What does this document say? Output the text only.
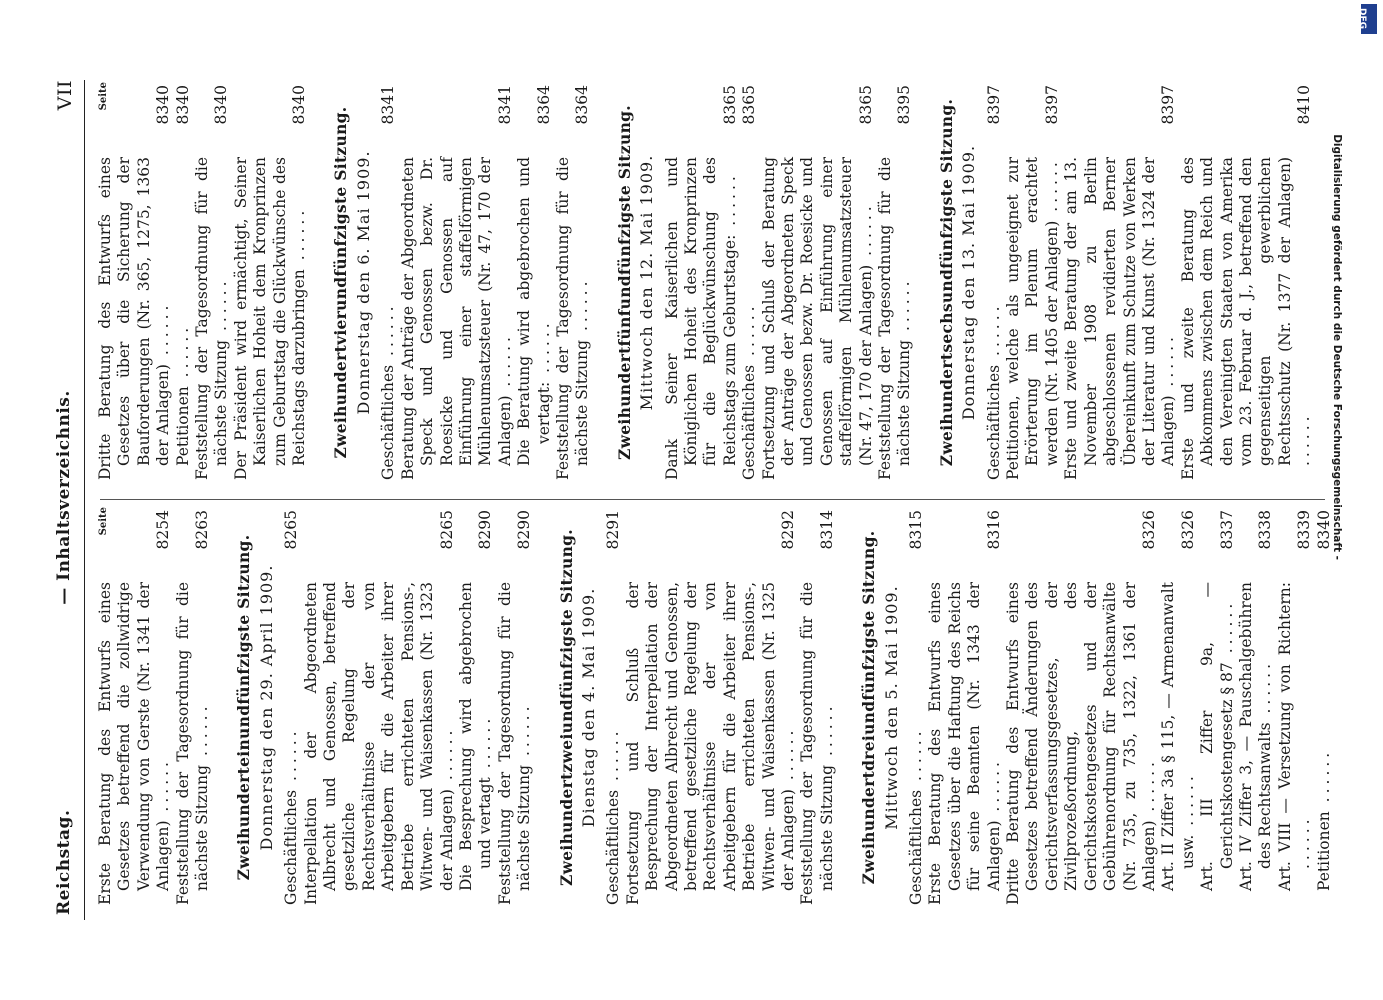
Reichstag.
— Inhaltsverzeichnis.
VII
Seite
Erste Beratung des Entwurfs eines Gesetzes betreffend die zollwidrige Verwendung von Gerste (Nr. 1341 der Anlagen) ......
8254
Feststellung der Tagesordnung für die nächste Sitzung ......
8263
Zweihunderteinundfünfzigste Sitzung. Donnerstag den 29. April 1909. Geschäftliches ......
8265
Interpellation der Abgeordneten Albrecht und Genossen, betreffend gesetzliche Regelung der Rechtsverhältnisse der von Arbeitgebern für die Arbeiter ihrer Betriebe errichteten Pensions-, Witwen- und Waisenkassen (Nr. 1323 der Anlagen) ......
8265
Die Besprechung wird abgebrochen und vertagt ......
8290
Feststellung der Tagesordnung für die nächste Sitzung ......
8290 Zweihundertzweiundfünfzigste Sitzung. Dienstag den 4. Mai 1909.
Geschäftliches ......
8291
Fortsetzung und Schluß der Besprechung der Interpellation der Abgeordneten Albrecht und Genossen, betreffend gesetzliche Regelung der Rechtsverhältnisse der von Arbeitgebern für die Arbeiter ihrer Betriebe errichteten Pensions-, Witwen- und Waisenkassen (Nr. 1325 der Anlagen) ......
8292
Feststellung der Tagesordnung für die nächste Sitzung ......
8314
Zweihundertdreiundfünfzigste Sitzung. Mittwoch den 5. Mai 1909.
Geschäftliches ......
8315
Erste Beratung des Entwurfs eines Gesetzes über die Haftung des Reichs für seine Beamten (Nr. 1343 der Anlagen) ......
8316
Dritte Beratung des Entwurfs eines Gesetzes betreffend Änderungen des Gerichtsverfassungsgesetzes, der Zivilprozeßordnung, des Gerichtskostengesetzes und der Gebührenordnung für Rechtsanwälte (Nr. 735, zu 735, 1322, 1361 der Anlagen) ......
8326
Art. II Ziffer 3a § 115, — Armenanwalt usw. ......
8326
Art. III Ziffer 9a, — Gerichtskostengesetz § 87 ......
8337
Art. IV Ziffer 3, — Pauschalgebühren des Rechtsanwalts ......
8338
Art. VIII — Versetzung von Richtern: ......
8339
Petitionen ......
8340
Seite
Dritte Beratung des Entwurfs eines Gesetzes über die Sicherung der Bauforderungen (Nr. 365, 1275, 1363 der Anlagen) ......
8340
Petitionen ......
8340
Feststellung der Tagesordnung für die nächste Sitzung ......
8340
Der Präsident wird ermächtigt, Seiner Kaiserlichen Hoheit dem Kronprinzen zum Geburtstag die Glückwünsche des Reichstags darzubringen ......
8340
Zweihundertvierundfünfzigste Sitzung. Donnerstag den 6. Mai 1909.
Geschäftliches ......
8341
Beratung der Anträge der Abgeordneten Speck und Genossen bezw. Dr. Roesicke und Genossen auf Einführung einer staffelförmigen Mühlenumsatzsteuer (Nr. 47, 170 der Anlagen) ......
8341
Die Beratung wird abgebrochen und vertagt: ......
8364
Feststellung der Tagesordnung für die nächste Sitzung ......
8364
Zweihundertfünfundfünfzigste Sitzung. Mittwoch den 12. Mai 1909. Dank Seiner Kaiserlichen und Königlichen Hoheit des Kronprinzen für die Beglückwünschung des Reichstags zum Geburtstage: ......
8365
Geschäftliches ......
8365
Fortsetzung und Schluß der Beratung der Anträge der Abgeordneten Speck und Genossen bezw. Dr. Roesicke und Genossen auf Einführung einer staffelförmigen Mühlenumsatzsteuer (Nr. 47, 170 der Anlagen) ......
8365
Feststellung der Tagesordnung für die nächste Sitzung ......
8395 Zweihundertsechsundfünfzigste Sitzung. Donnerstag den 13. Mai 1909.
Geschäftliches ......
8397
Petitionen, welche als ungeeignet zur Erörterung im Plenum erachtet werden (Nr. 1405 der Anlagen) ......
8397
Erste und zweite Beratung der am 13. November 1908 zu Berlin abgeschlossenen revidierten Berner Übereinkunft zum Schutze von Werken der Literatur und Kunst (Nr. 1324 der Anlagen) ......
8397
Erste und zweite Beratung des Abkommens zwischen dem Reich und den Vereinigten Staaten von Amerika vom 23. Februar d. J., betreffend den gegenseitigen gewerblichen Rechtsschutz (Nr. 1377 der Anlagen) ......
8410
Digitalisierung gefördert durch die Deutsche Forschungsgemeinschaft -
DFG
